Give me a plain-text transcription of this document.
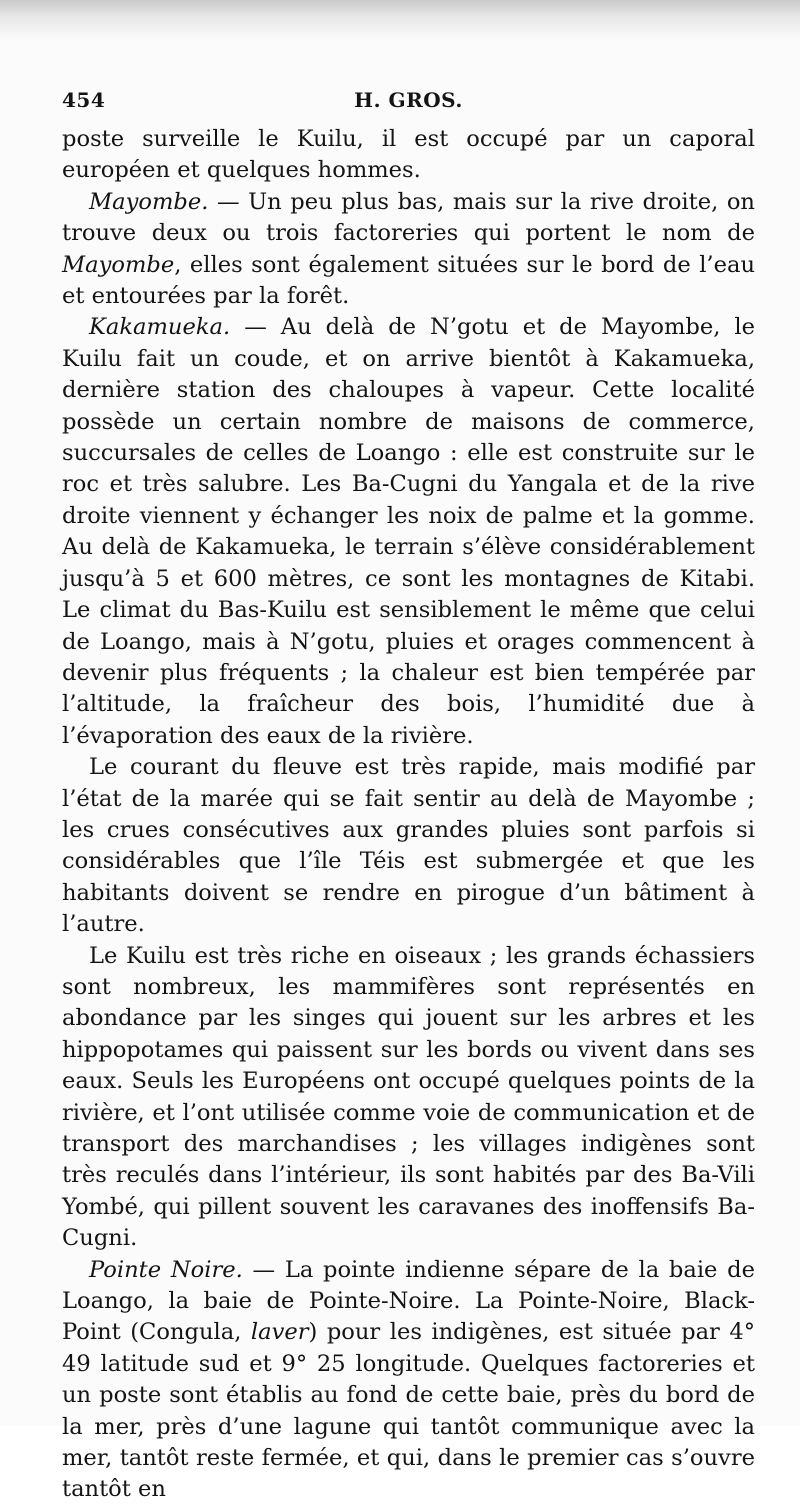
454	H. GROS.

poste surveille le Kuilu, il est occupé par un caporal européen et quelques hommes.

Mayombe. — Un peu plus bas, mais sur la rive droite, on trouve deux ou trois factoreries qui portent le nom de Mayombe, elles sont également situées sur le bord de l’eau et entourées par la forêt.

Kakamueka. — Au delà de N’gotu et de Mayombe, le Kuilu fait un coude, et on arrive bientôt à Kakamueka, dernière station des chaloupes à vapeur. Cette localité possède un certain nombre de maisons de commerce, succursales de celles de Loango : elle est construite sur le roc et très salubre. Les Ba-Cugni du Yangala et de la rive droite viennent y échanger les noix de palme et la gomme. Au delà de Kakamueka, le terrain s’élève considérablement jusqu’à 5 et 600 mètres, ce sont les montagnes de Kitabi. Le climat du Bas-Kuilu est sensiblement le même que celui de Loango, mais à N’gotu, pluies et orages commencent à devenir plus fréquents ; la chaleur est bien tempérée par l’altitude, la fraîcheur des bois, l’humidité due à l’évaporation des eaux de la rivière.

Le courant du fleuve est très rapide, mais modifié par l’état de la marée qui se fait sentir au delà de Mayombe ; les crues consécutives aux grandes pluies sont parfois si considérables que l’île Téis est submergée et que les habitants doivent se rendre en pirogue d’un bâtiment à l’autre.

Le Kuilu est très riche en oiseaux ; les grands échassiers sont nombreux, les mammifères sont représentés en abondance par les singes qui jouent sur les arbres et les hippopotames qui paissent sur les bords ou vivent dans ses eaux. Seuls les Européens ont occupé quelques points de la rivière, et l’ont utilisée comme voie de communication et de transport des marchandises ; les villages indigènes sont très reculés dans l’intérieur, ils sont habités par des Ba-Vili Yombé, qui pillent souvent les caravanes des inoffensifs Ba-Cugni.

Pointe Noire. — La pointe indienne sépare de la baie de Loango, la baie de Pointe-Noire. La Pointe-Noire, Black-Point (Congula, laver) pour les indigènes, est située par 4° 49 latitude sud et 9° 25 longitude. Quelques factoreries et un poste sont établis au fond de cette baie, près du bord de la mer, près d’une lagune qui tantôt communique avec la mer, tantôt reste fermée, et qui, dans le premier cas s’ouvre tantôt en
